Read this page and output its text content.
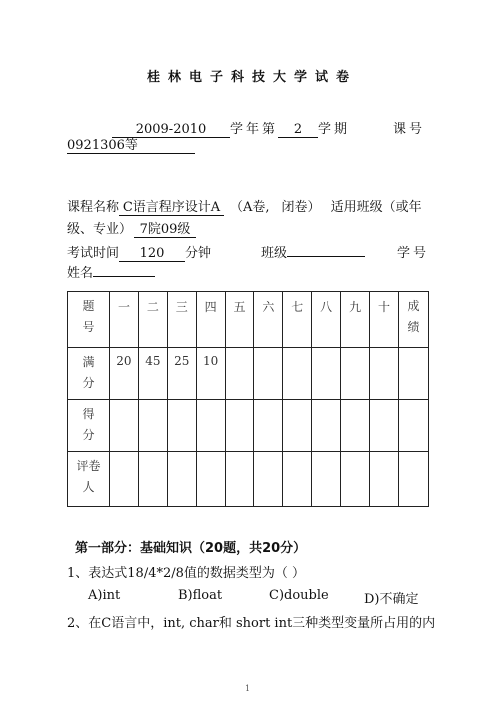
桂林电子科技大学试卷
2009-2010 学年第 2 学期	课号
0921306等
课程名称 C语言程序设计A （A卷, 闭卷） 适用班级（或年
级、专业） 7院09级
考试时间 120 分钟	班级	学号
姓名
题
号	一	二	三	四	五	六	七	八	九	十	成
绩
满
分	20	45	25	10							
得
分											
评卷
人											
第一部分：基础知识（20题，共20分）
1、表达式18/4*2/8值的数据类型为（ ）
A)int	B)float	C)double	D)不确定
2、在C语言中，int, char和 short int三种类型变量所占用的内
1
